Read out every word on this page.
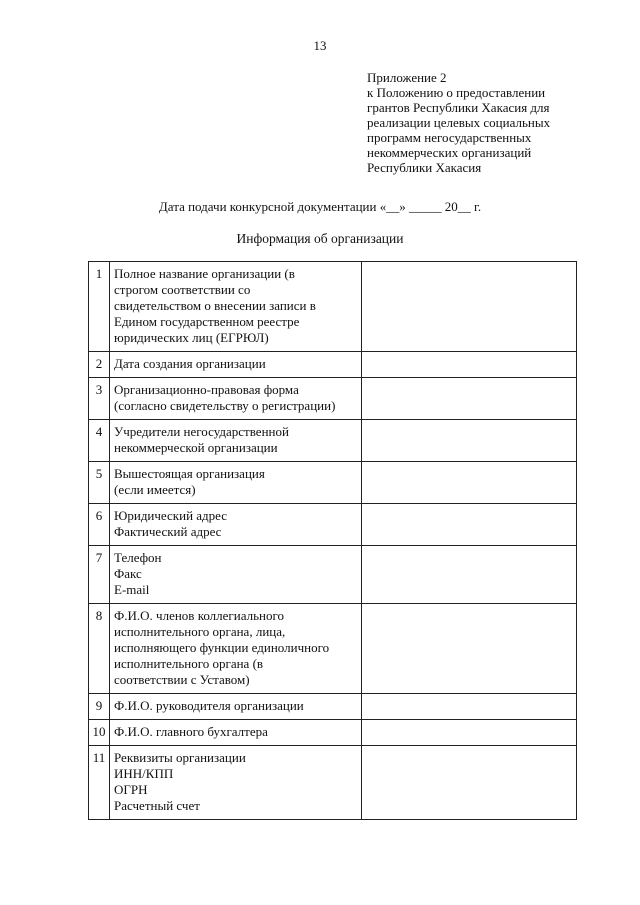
13
Приложение 2
к Положению о предоставлении
грантов Республики Хакасия для
реализации целевых социальных
программ негосударственных
некоммерческих организаций
Республики Хакасия
Дата подачи конкурсной документации «__» _____ 20__ г.
Информация об организации
1	Полное название организации (в
строгом соответствии со
свидетельством о внесении записи в
Едином государственном реестре
юридических лиц (ЕГРЮЛ)	

2	Дата создания организации	

3	Организационно-правовая форма
(согласно свидетельству о регистрации)	

4	Учредители негосударственной
некоммерческой организации	

5	Вышестоящая организация
(если имеется)	

6	Юридический адрес
Фактический адрес	

7	Телефон
Факс
E-mail	

8	Ф.И.О. членов коллегиального
исполнительного органа, лица,
исполняющего функции единоличного
исполнительного органа (в
соответствии с Уставом)	

9	Ф.И.О. руководителя организации	

10	Ф.И.О. главного бухгалтера	

11	Реквизиты организации
ИНН/КПП
ОГРН
Расчетный счет	
